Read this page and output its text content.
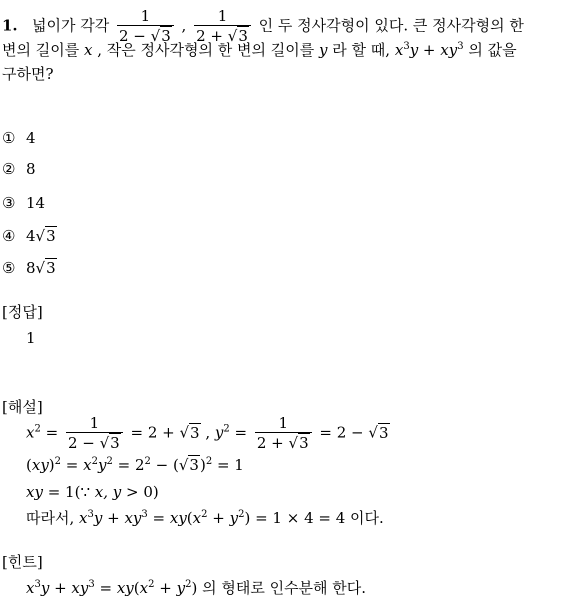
1. 넓이가 각각 $\frac{1}{2 - √3}$ , $\frac{1}{2 + √3}$ 인 두 정사각형이 있다. 큰 정사각형의 한
변의 길이를 x , 작은 정사각형의 한 변의 길이를 y 라 할 때, $x^3y + xy^3$ 의 값을
구하면?
① 4
② 8
③ 14
④ 4√3
⑤ 8√3
[정답]
1
[해설]
$x^2 = \frac{1}{2 - √3} = 2 + √3$ , $y^2 = \frac{1}{2 + √3} = 2 - √3$
$(xy)^2 = x^2y^2 = 2^2 - (√3)^2 = 1$
xy = 1(∵ x, y > 0)
따라서, $x^3y + xy^3 = xy(x^2 + y^2) = 1 \times 4 = 4$ 이다.
[힌트]
$x^3y + xy^3 = xy(x^2 + y^2)$ 의 형태로 인수분해 한다.
